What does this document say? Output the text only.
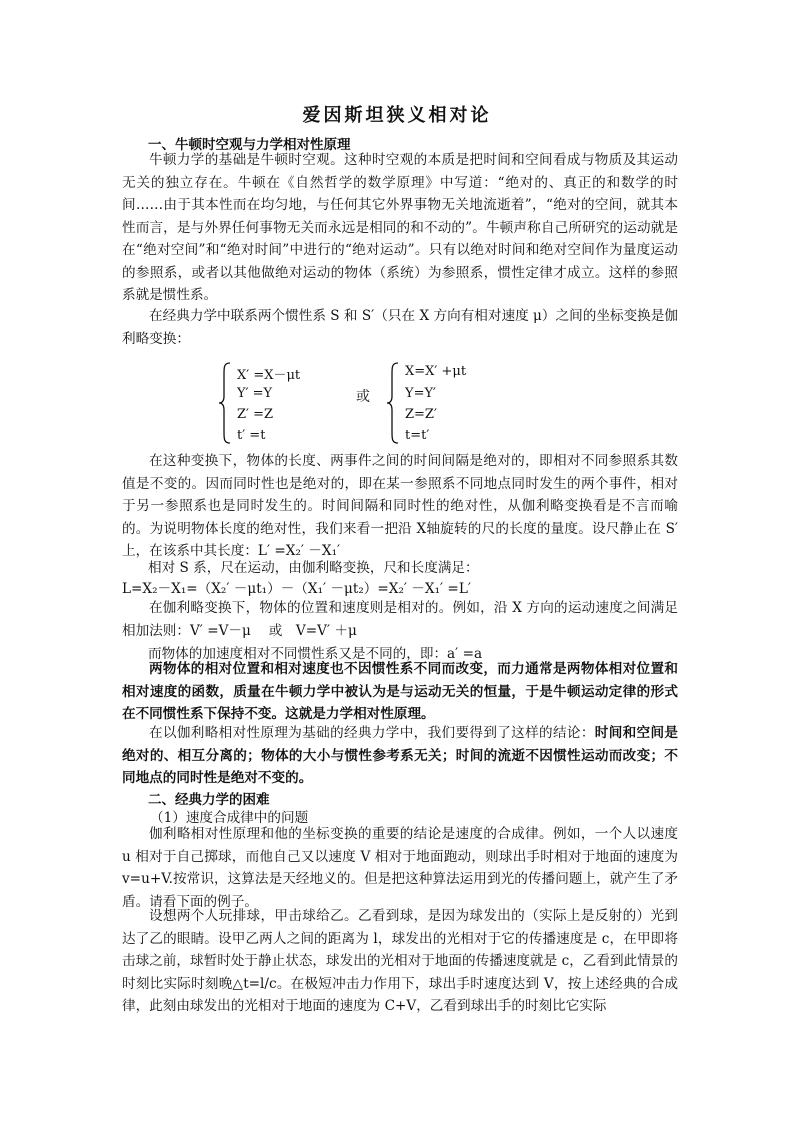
爱因斯坦狭义相对论
一、牛顿时空观与力学相对性原理
牛顿力学的基础是牛顿时空观。这种时空观的本质是把时间和空间看成与物质及其运动无关的独立存在。牛顿在《自然哲学的数学原理》中写道：“绝对的、真正的和数学的时间……由于其本性而在均匀地，与任何其它外界事物无关地流逝着”，“绝对的空间，就其本性而言，是与外界任何事物无关而永远是相同的和不动的”。牛顿声称自己所研究的运动就是在“绝对空间”和“绝对时间”中进行的“绝对运动”。只有以绝对时间和绝对空间作为量度运动的参照系，或者以其他做绝对运动的物体（系统）为参照系，惯性定律才成立。这样的参照系就是惯性系。
在经典力学中联系两个惯性系 S 和 S′（只在 X 方向有相对速度 μ）之间的坐标变换是伽利略变换：
X′ =X－μt
Y′ =Y
Z′ =Z
t′ =t
或
X=X′ +μt
Y=Y′
Z=Z′
t=t′
在这种变换下，物体的长度、两事件之间的时间间隔是绝对的，即相对不同参照系其数值是不变的。因而同时性也是绝对的，即在某一参照系不同地点同时发生的两个事件，相对于另一参照系也是同时发生的。时间间隔和同时性的绝对性，从伽利略变换看是不言而喻的。为说明物体长度的绝对性，我们来看一把沿 X轴旋转的尺的长度的量度。设尺静止在 S′上，在该系中其长度：L′ =X₂′ －X₁′
相对 S 系，尺在运动，由伽利略变换，尺和长度满足：
L=X₂－X₁=（X₂′ －μt₁）－（X₁′ －μt₂）=X₂′ －X₁′ =L′
在伽利略变换下，物体的位置和速度则是相对的。例如，沿 X 方向的运动速度之间满足相加法则：V′ =V－μ　 或　V=V′ ＋μ
而物体的加速度相对不同惯性系又是不同的，即：a′ =a
两物体的相对位置和相对速度也不因惯性系不同而改变，而力通常是两物体相对位置和相对速度的函数，质量在牛顿力学中被认为是与运动无关的恒量，于是牛顿运动定律的形式在不同惯性系下保持不变。这就是力学相对性原理。
在以伽利略相对性原理为基础的经典力学中，我们要得到了这样的结论：时间和空间是绝对的、相互分离的；物体的大小与惯性参考系无关；时间的流逝不因惯性运动而改变；不同地点的同时性是绝对不变的。
二、经典力学的困难
（1）速度合成律中的问题
伽利略相对性原理和他的坐标变换的重要的结论是速度的合成律。例如，一个人以速度 u 相对于自己掷球，而他自己又以速度 V 相对于地面跑动，则球出手时相对于地面的速度为 v=u+V.按常识，这算法是天经地义的。但是把这种算法运用到光的传播问题上，就产生了矛盾。请看下面的例子。
设想两个人玩排球，甲击球给乙。乙看到球，是因为球发出的（实际上是反射的）光到达了乙的眼睛。设甲乙两人之间的距离为 l，球发出的光相对于它的传播速度是 c，在甲即将击球之前，球暂时处于静止状态，球发出的光相对于地面的传播速度就是 c，乙看到此情景的时刻比实际时刻晚△t=l/c。在极短冲击力作用下，球出手时速度达到 V，按上述经典的合成律，此刻由球发出的光相对于地面的速度为 C+V，乙看到球出手的时刻比它实际
